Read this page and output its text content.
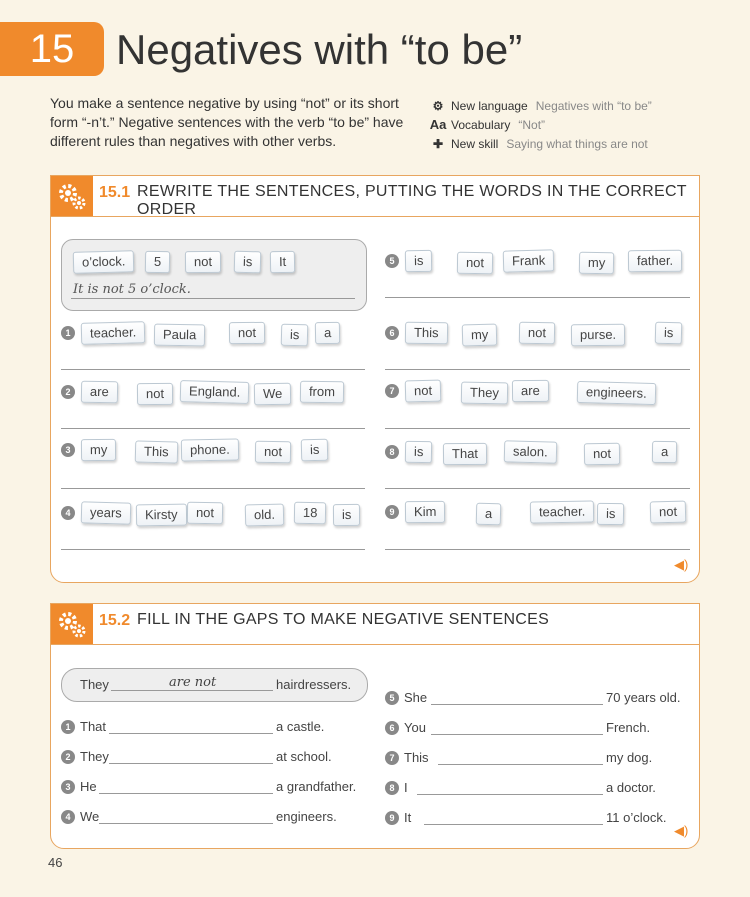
15 Negatives with “to be”
You make a sentence negative by using “not” or its short form “-n’t.” Negative sentences with the verb “to be” have different rules than negatives with other verbs.
⚙ New language Negatives with “to be”
Aa Vocabulary “Not”
✚ New skill Saying what things are not
15.1 REWRITE THE SENTENCES, PUTTING THE WORDS IN THE CORRECT ORDER
◀)
o’clock.	5	not	is	It
It is not 5 o’clock.
1	teacher.	Paula	not	is	a
2	are	not	England.	We	from
3	my	This	phone.	not	is
4	years	Kirsty	not	old.	18	is
5	is	not	Frank	my	father.
6	This	my	not	purse.	is
7	not	They	are	engineers.
8	is	That	salon.	not	a
9	Kim	a	teacher.	is	not
15.2 FILL IN THE GAPS TO MAKE NEGATIVE SENTENCES
◀)
They	are not	hairdressers.
1 That	a castle.
2 They	at school.
3 He	a grandfather.
4 We	engineers.
5 She	70 years old.
6 You	French.
7 This	my dog.
8 I	a doctor.
9 It	11 o’clock.
46
